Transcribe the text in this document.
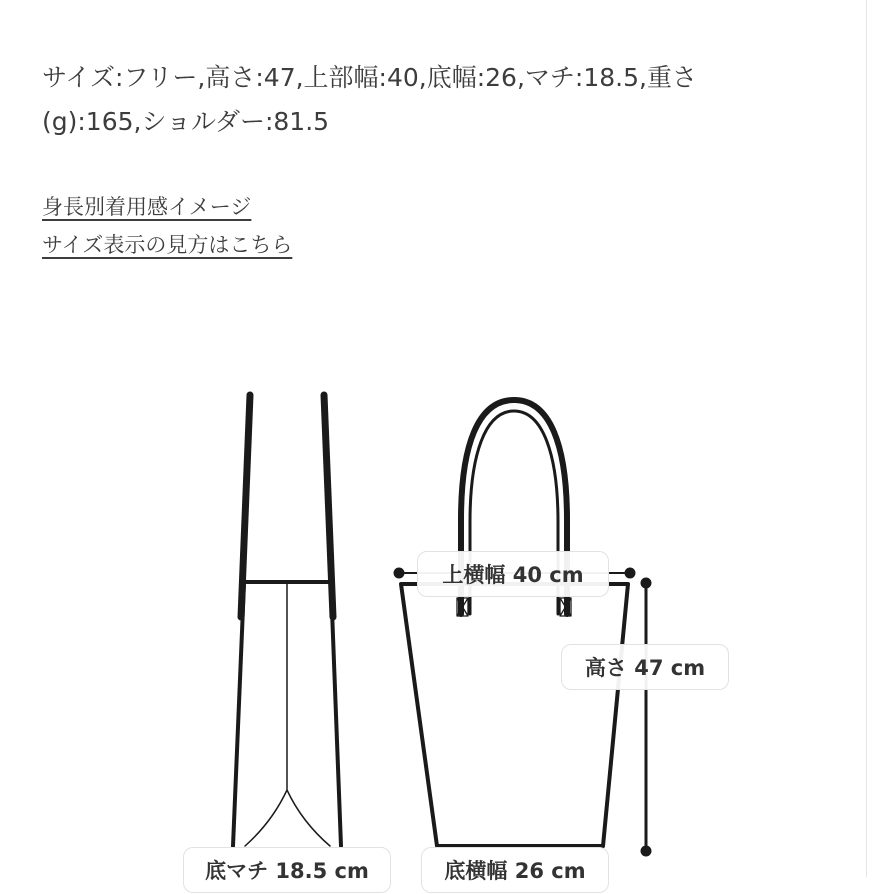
サイズ:フリー,高さ:47,上部幅:40,底幅:26,マチ:18.5,重さ
(g):165,ショルダー:81.5
身長別着用感イメージ
サイズ表示の見方はこちら
上横幅 40 cm
高さ 47 cm
底マチ 18.5 cm	底横幅 26 cm
